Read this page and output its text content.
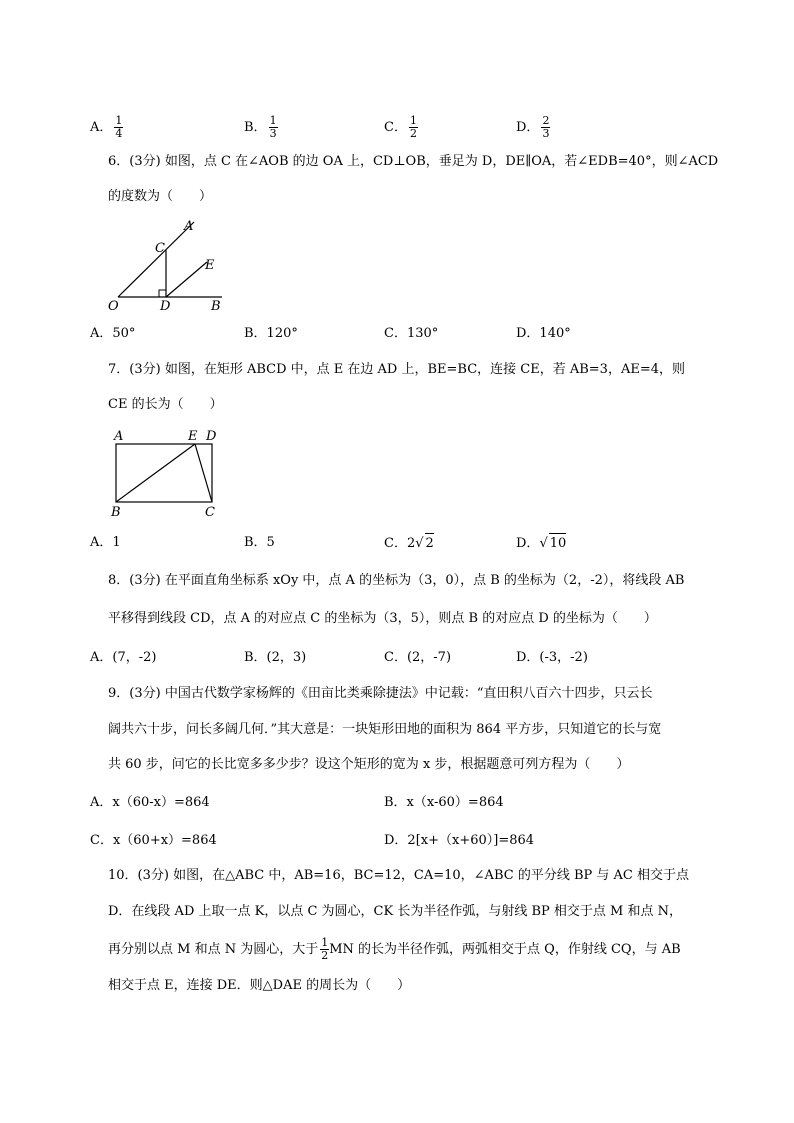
A． $\frac{1}{4}$	B． $\frac{1}{3}$	C． $\frac{1}{2}$	D． $\frac{2}{3}$
6．(3分) 如图，点 C 在∠AOB 的边 OA 上，CD⊥OB，垂足为 D，DE∥OA，若∠EDB=40°，则∠ACD
的度数为（　　）
A
C
E
O	D	B
A．50°	B．120°	C．130°	D．140°
7．(3分) 如图，在矩形 ABCD 中，点 E 在边 AD 上，BE=BC，连接 CE，若 AB=3，AE=4，则
CE 的长为（　　）
A	E D
B	C
A．1	B．5	C．2√ 2	D．√ 10
8．(3分) 在平面直角坐标系 xOy 中，点 A 的坐标为（3，0），点 B 的坐标为（2，-2），将线段 AB
平移得到线段 CD，点 A 的对应点 C 的坐标为（3，5），则点 B 的对应点 D 的坐标为（　　）
A．(7，-2)	B．(2，3)	C．(2，-7)	D．(-3，-2)
9．(3分) 中国古代数学家杨辉的《田亩比类乘除捷法》中记载：“直田积八百六十四步，只云长
阔共六十步，问长多阔几何．”其大意是：一块矩形田地的面积为 864 平方步，只知道它的长与宽
共 60 步，问它的长比宽多多少步？设这个矩形的宽为 x 步，根据题意可列方程为（　　）
A．x（60-x）=864	B．x（x-60）=864
C．x（60+x）=864	D．2[x+（x+60）]=864
10．(3分) 如图，在△ABC 中，AB=16，BC=12，CA=10，∠ABC 的平分线 BP 与 AC 相交于点
D．在线段 AD 上取一点 K，以点 C 为圆心，CK 长为半径作弧，与射线 BP 相交于点 M 和点 N，
再分别以点 M 和点 N 为圆心，大于 $\frac{1}{2}$ MN 的长为半径作弧，两弧相交于点 Q，作射线 CQ，与 AB
相交于点 E，连接 DE．则△DAE 的周长为（　　）
